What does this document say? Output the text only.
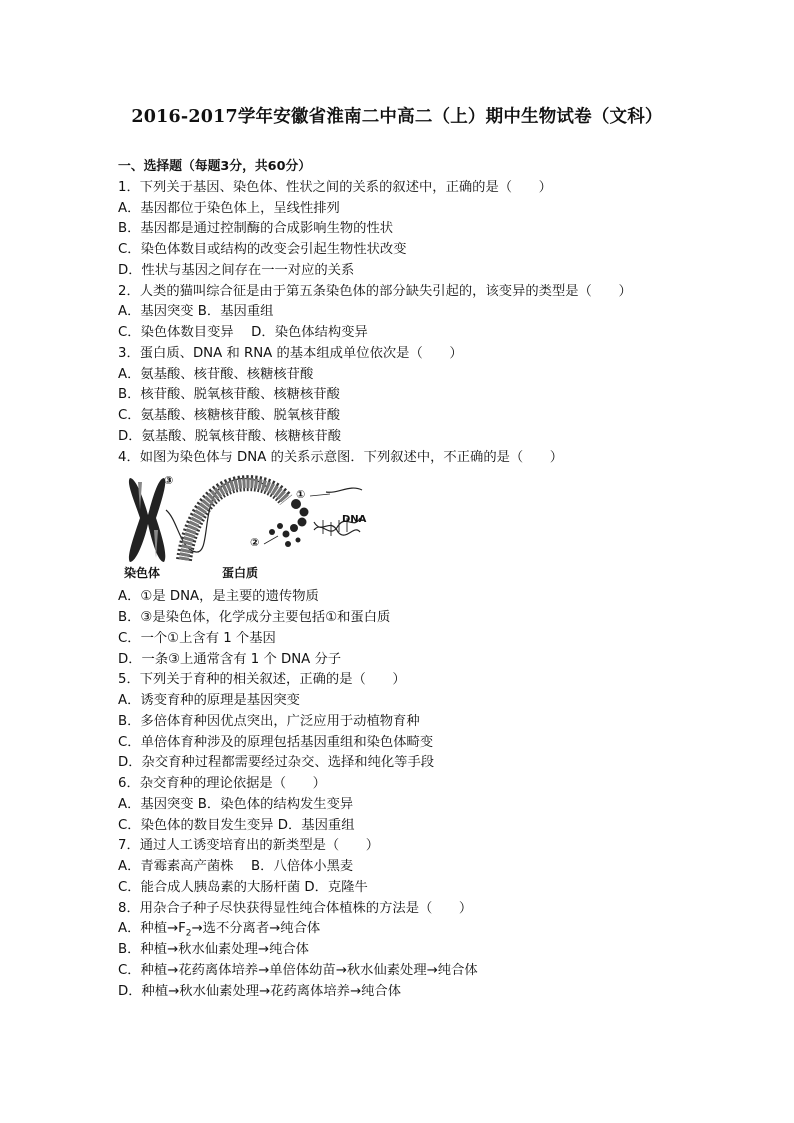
2016-2017学年安徽省淮南二中高二（上）期中生物试卷（文科）
一、选择题（每题3分，共60分）
1．下列关于基因、染色体、性状之间的关系的叙述中，正确的是（　　）
A．基因都位于染色体上，呈线性排列
B．基因都是通过控制酶的合成影响生物的性状
C．染色体数目或结构的改变会引起生物性状改变
D．性状与基因之间存在一一对应的关系
2．人类的猫叫综合征是由于第五条染色体的部分缺失引起的，该变异的类型是（　　）
A．基因突变 B．基因重组
C．染色体数目变异　 D．染色体结构变异
3．蛋白质、DNA 和 RNA 的基本组成单位依次是（　　）
A．氨基酸、核苷酸、核糖核苷酸
B．核苷酸、脱氧核苷酸、核糖核苷酸
C．氨基酸、核糖核苷酸、脱氧核苷酸
D．氨基酸、脱氧核苷酸、核糖核苷酸
4．如图为染色体与 DNA 的关系示意图．下列叙述中，不正确的是（　　）
③
①
②
DNA
染色体	蛋白质
A．①是 DNA，是主要的遗传物质
B．③是染色体，化学成分主要包括①和蛋白质
C．一个①上含有 1 个基因
D．一条③上通常含有 1 个 DNA 分子
5．下列关于育种的相关叙述，正确的是（　　）
A．诱变育种的原理是基因突变
B．多倍体育种因优点突出，广泛应用于动植物育种
C．单倍体育种涉及的原理包括基因重组和染色体畸变
D．杂交育种过程都需要经过杂交、选择和纯化等手段
6．杂交育种的理论依据是（　　）
A．基因突变 B．染色体的结构发生变异
C．染色体的数目发生变异 D．基因重组
7．通过人工诱变培育出的新类型是（　　）
A．青霉素高产菌株　 B．八倍体小黑麦
C．能合成人胰岛素的大肠杆菌 D．克隆牛
8．用杂合子种子尽快获得显性纯合体植株的方法是（　　）
A．种植$\to F_2\to$选不分离者→纯合体
B．种植→秋水仙素处理→纯合体
C．种植→花药离体培养→单倍体幼苗→秋水仙素处理→纯合体
D．种植→秋水仙素处理→花药离体培养→纯合体
